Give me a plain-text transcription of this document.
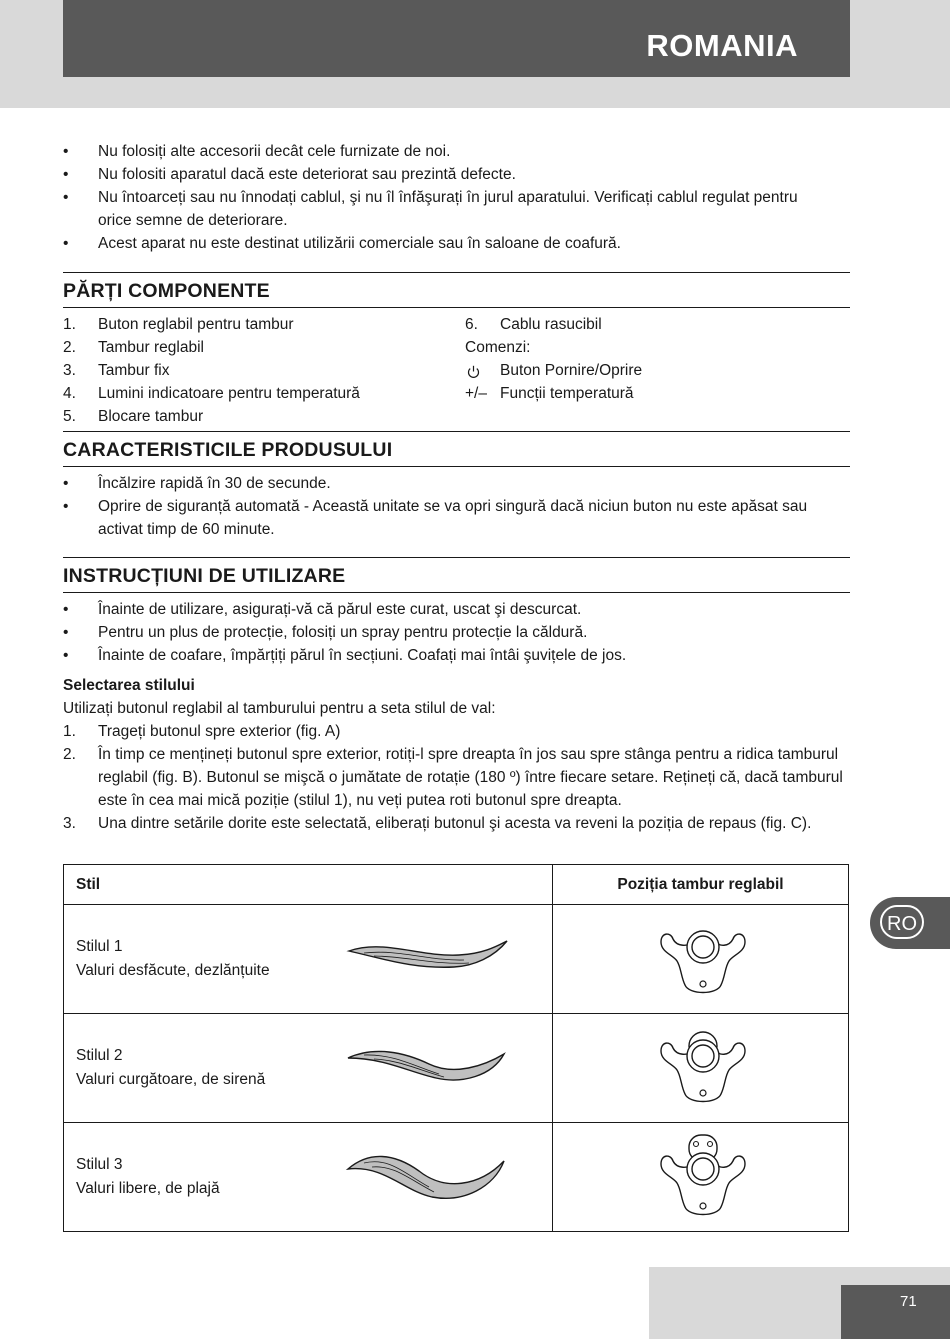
ROMANIA
• Nu folosiți alte accesorii decât cele furnizate de noi.
• Nu folositi aparatul dacă este deteriorat sau prezintă defecte.
• Nu întoarceți sau nu înnodați cablul, şi nu îl înfăşurați în jurul aparatului. Verificați cablul regulat pentru orice semne de deteriorare.
• Acest aparat nu este destinat utilizării comerciale sau în saloane de coafură.
PĂRȚI COMPONENTE
1. Buton reglabil pentru tambur
2. Tambur reglabil
3. Tambur fix
4. Lumini indicatoare pentru temperatură
5. Blocare tambur
6. Cablu rasucibil
Comenzi:
Buton Pornire/Oprire
+/– Funcții temperatură
CARACTERISTICILE PRODUSULUI
• Încălzire rapidă în 30 de secunde.
• Oprire de siguranță automată - Această unitate se va opri singură dacă niciun buton nu este apăsat sau activat timp de 60 minute.
INSTRUCȚIUNI DE UTILIZARE
• Înainte de utilizare, asigurați-vă că părul este curat, uscat şi descurcat.
• Pentru un plus de protecție, folosiți un spray pentru protecție la căldură.
• Înainte de coafare, împărțiți părul în secțiuni. Coafați mai întâi şuvițele de jos.
Selectarea stilului
Utilizați butonul reglabil al tamburului pentru a seta stilul de val:
1. Trageți butonul spre exterior (fig. A)
2. În timp ce mențineți butonul spre exterior, rotiți-l spre dreapta în jos sau spre stânga pentru a ridica tamburul reglabil (fig. B). Butonul se mişcă o jumătate de rotație (180 º) între fiecare setare. Rețineți că, dacă tamburul este în cea mai mică poziție (stilul 1), nu veți putea roti butonul spre dreapta.
3. Una dintre setările dorite este selectată, eliberați butonul şi acesta va reveni la poziția de repaus (fig. C).
Stil	Poziția tambur reglabil

Stilul 1
Valuri desfăcute, dezlănțuite

Stilul 2
Valuri curgătoare, de sirenă

Stilul 3
Valuri libere, de plajă

RO
71
